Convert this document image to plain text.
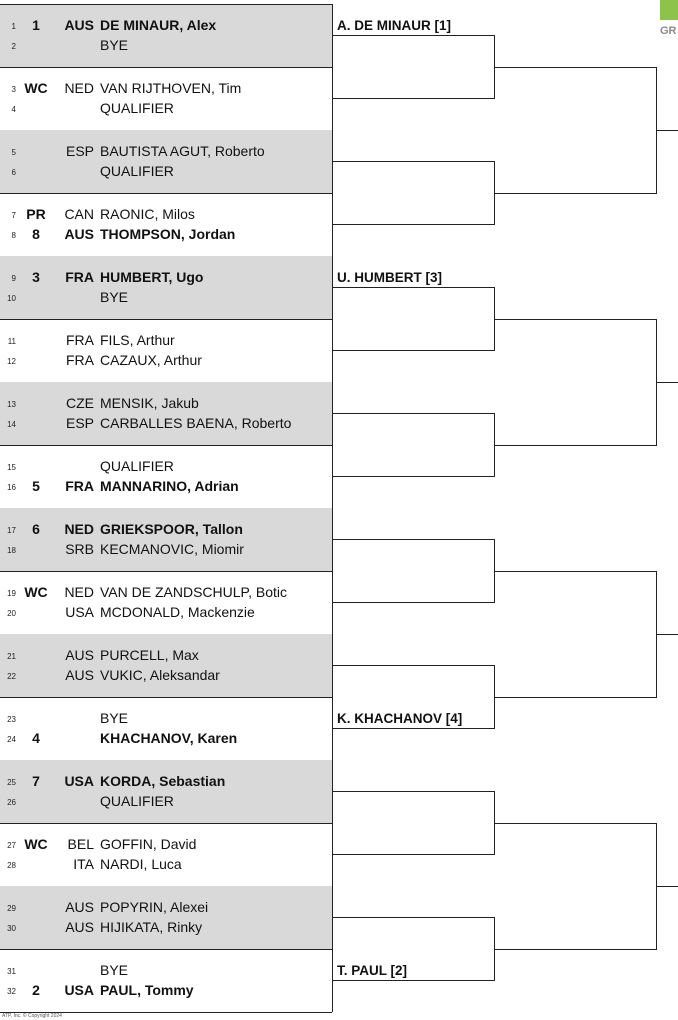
1	1	AUS DE MINAUR, Alex
2	BYE
3 WC	NED VAN RIJTHOVEN, Tim
4	QUALIFIER
5	ESP BAUTISTA AGUT, Roberto
6	QUALIFIER
7 PR	CAN RAONIC, Milos
8	8	AUS THOMPSON, Jordan
9	3	FRA HUMBERT, Ugo
10	BYE
11	FRA FILS, Arthur
12	FRA CAZAUX, Arthur
13	CZE MENSIK, Jakub
14	ESP CARBALLES BAENA, Roberto
15	QUALIFIER
16	5	FRA MANNARINO, Adrian
17	6	NED GRIEKSPOOR, Tallon
18	SRB KECMANOVIC, Miomir
19 WC	NED VAN DE ZANDSCHULP, Botic
20	USA MCDONALD, Mackenzie
21	AUS PURCELL, Max
22	AUS VUKIC, Aleksandar
23	BYE
24	4	KHACHANOV, Karen
25	7	USA KORDA, Sebastian
26	QUALIFIER
27 WC	BEL GOFFIN, David
28	ITA NARDI, Luca
29	AUS POPYRIN, Alexei
30	AUS HIJIKATA, Rinky
31	BYE
32	2	USA PAUL, Tommy
A. DE MINAUR [1]
U. HUMBERT [3]
K. KHACHANOV [4]
T. PAUL [2]
GR
ATP, Inc. © Copyright 2024
